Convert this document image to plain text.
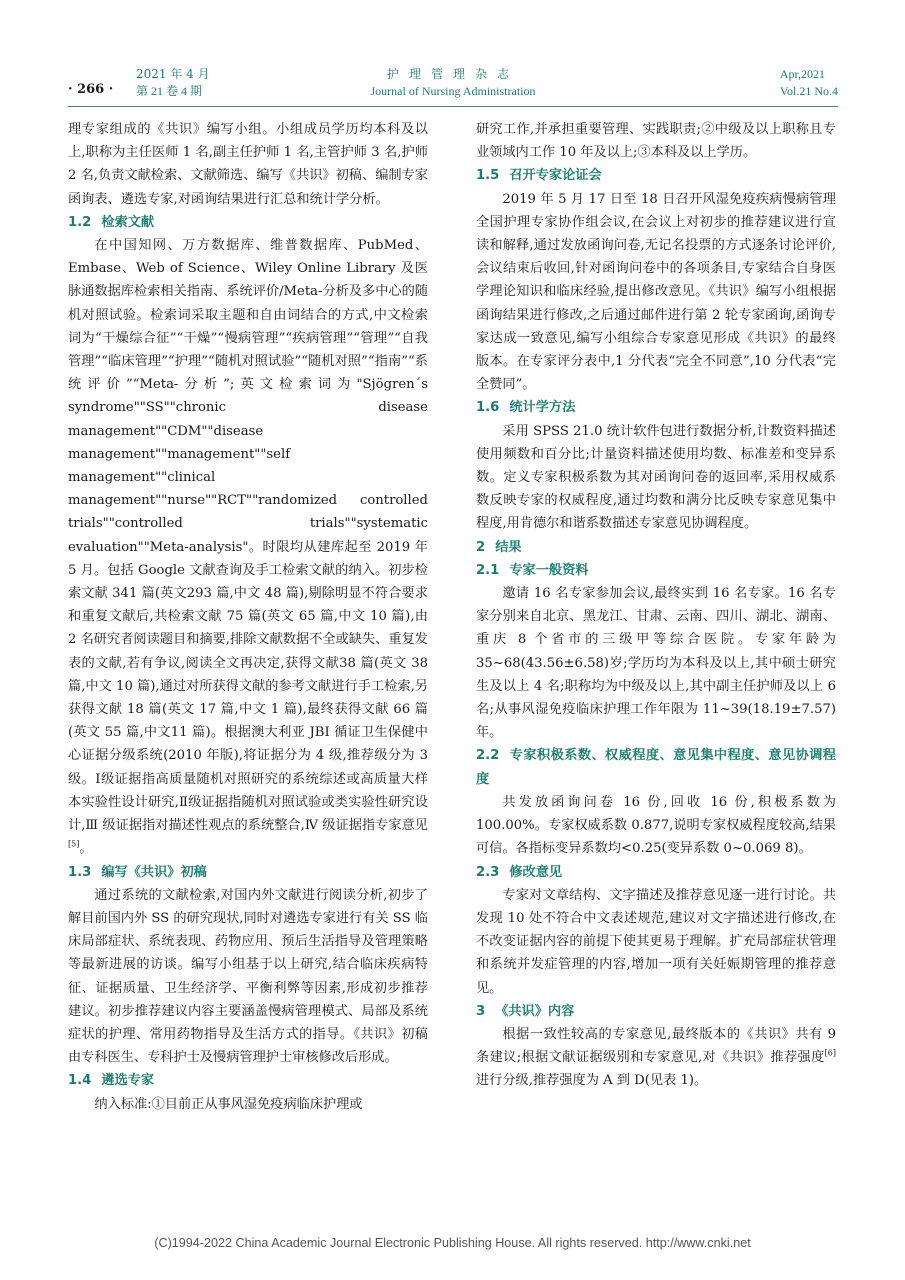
· 266 ·
2021 年 4 月
第 21 卷 4 期
护理管理杂志
Journal of Nursing Administration
Apr,2021
Vol.21 No.4

理专家组成的《共识》编写小组。小组成员学历均本科及以上,职称为主任医师 1 名,副主任护师 1 名,主管护师 3 名,护师 2 名,负责文献检索、文献筛选、编写《共识》初稿、编制专家函询表、遴选专家,对函询结果进行汇总和统计学分析。

1.2 检索文献

在中国知网、万方数据库、维普数据库、PubMed、Embase、Web of Science、Wiley Online Library 及医脉通数据库检索相关指南、系统评价/Meta-分析及多中心的随机对照试验。检索词采取主题和自由词结合的方式,中文检索词为“干燥综合征”“干燥”“慢病管理”“疾病管理”“管理”“自我管理”“临床管理”“护理”“随机对照试验”“随机对照”“指南”“系统评价”“Meta-分析”;英文检索词为"Sjögren´s syndrome""SS""chronic disease management""CDM""disease management""management""self management""clinical management""nurse""RCT""randomized controlled trials""controlled trials""systematic evaluation""Meta-analysis"。时限均从建库起至 2019 年 5 月。包括 Google 文献查询及手工检索文献的纳入。初步检索文献 341 篇(英文293 篇,中文 48 篇),剔除明显不符合要求和重复文献后,共检索文献 75 篇(英文 65 篇,中文 10 篇),由 2 名研究者阅读题目和摘要,排除文献数据不全或缺失、重复发表的文献,若有争议,阅读全文再决定,获得文献38 篇(英文 38 篇,中文 10 篇),通过对所获得文献的参考文献进行手工检索,另获得文献 18 篇(英文 17 篇,中文 1 篇),最终获得文献 66 篇(英文 55 篇,中文11 篇)。根据澳大利亚 JBI 循证卫生保健中心证据分级系统(2010 年版),将证据分为 4 级,推荐级分为 3 级。Ⅰ级证据指高质量随机对照研究的系统综述或高质量大样本实验性设计研究,Ⅱ级证据指随机对照试验或类实验性研究设计,Ⅲ 级证据指对描述性观点的系统整合,Ⅳ 级证据指专家意见[5]。

1.3 编写《共识》初稿

通过系统的文献检索,对国内外文献进行阅读分析,初步了解目前国内外 SS 的研究现状,同时对遴选专家进行有关 SS 临床局部症状、系统表现、药物应用、预后生活指导及管理策略等最新进展的访谈。编写小组基于以上研究,结合临床疾病特征、证据质量、卫生经济学、平衡利弊等因素,形成初步推荐建议。初步推荐建议内容主要涵盖慢病管理模式、局部及系统症状的护理、常用药物指导及生活方式的指导。《共识》初稿由专科医生、专科护士及慢病管理护士审核修改后形成。

1.4 遴选专家

纳入标准:①目前正从事风湿免疫病临床护理或

研究工作,并承担重要管理、实践职责;②中级及以上职称且专业领域内工作 10 年及以上;③本科及以上学历。

1.5 召开专家论证会

2019 年 5 月 17 日至 18 日召开风湿免疫疾病慢病管理全国护理专家协作组会议,在会议上对初步的推荐建议进行宣读和解释,通过发放函询问卷,无记名投票的方式逐条讨论评价,会议结束后收回,针对函询问卷中的各项条目,专家结合自身医学理论知识和临床经验,提出修改意见。《共识》编写小组根据函询结果进行修改,之后通过邮件进行第 2 轮专家函询,函询专家达成一致意见,编写小组综合专家意见形成《共识》的最终版本。在专家评分表中,1 分代表“完全不同意”,10 分代表“完全赞同”。

1.6 统计学方法

采用 SPSS 21.0 统计软件包进行数据分析,计数资料描述使用频数和百分比;计量资料描述使用均数、标准差和变异系数。定义专家积极系数为其对函询问卷的返回率,采用权威系数反映专家的权威程度,通过均数和满分比反映专家意见集中程度,用肯德尔和谐系数描述专家意见协调程度。

2 结果
2.1 专家一般资料

邀请 16 名专家参加会议,最终实到 16 名专家。16 名专家分别来自北京、黑龙江、甘肃、云南、四川、湖北、湖南、重庆 8 个省市的三级甲等综合医院。专家年龄为 35~68(43.56±6.58)岁;学历均为本科及以上,其中硕士研究生及以上 4 名;职称均为中级及以上,其中副主任护师及以上 6 名;从事风湿免疫临床护理工作年限为 11~39(18.19±7.57)年。

2.2 专家积极系数、权威程度、意见集中程度、意见协调程度

共发放函询问卷 16 份,回收 16 份,积极系数为 100.00%。专家权威系数 0.877,说明专家权威程度较高,结果可信。各指标变异系数均<0.25(变异系数 0~0.069 8)。

2.3 修改意见

专家对文章结构、文字描述及推荐意见逐一进行讨论。共发现 10 处不符合中文表述规范,建议对文字描述进行修改,在不改变证据内容的前提下使其更易于理解。扩充局部症状管理和系统并发症管理的内容,增加一项有关妊娠期管理的推荐意见。

3 《共识》内容

根据一致性较高的专家意见,最终版本的《共识》共有 9 条建议;根据文献证据级别和专家意见,对《共识》推荐强度[6]进行分级,推荐强度为 A 到 D(见表 1)。

(C)1994-2022 China Academic Journal Electronic Publishing House. All rights reserved. http://www.cnki.net
